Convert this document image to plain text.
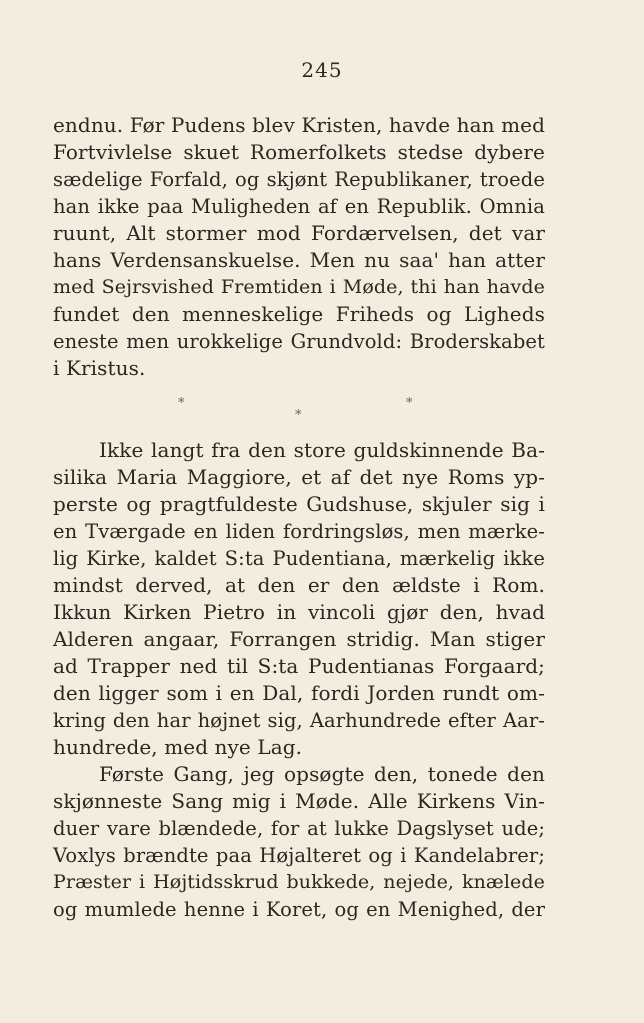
245
endnu. Før Pudens blev Kristen, havde han med
Fortvivlelse skuet Romerfolkets stedse dybere
sædelige Forfald, og skjønt Republikaner, troede
han ikke paa Muligheden af en Republik. Omnia
ruunt, Alt stormer mod Fordærvelsen, det var
hans Verdensanskuelse. Men nu saa' han atter
med Sejrsvished Fremtiden i Møde, thi han havde
fundet den menneskelige Friheds og Ligheds
eneste men urokkelige Grundvold: Broderskabet
i Kristus.
*
*
*
Ikke langt fra den store guldskinnende Ba-
silika Maria Maggiore, et af det nye Roms yp-
perste og pragtfuldeste Gudshuse, skjuler sig i
en Tværgade en liden fordringsløs, men mærke-
lig Kirke, kaldet S:ta Pudentiana, mærkelig ikke
mindst derved, at den er den ældste i Rom.
Ikkun Kirken Pietro in vincoli gjør den, hvad
Alderen angaar, Forrangen stridig. Man stiger
ad Trapper ned til S:ta Pudentianas Forgaard;
den ligger som i en Dal, fordi Jorden rundt om-
kring den har højnet sig, Aarhundrede efter Aar-
hundrede, med nye Lag.
Første Gang, jeg opsøgte den, tonede den
skjønneste Sang mig i Møde. Alle Kirkens Vin-
duer vare blændede, for at lukke Dagslyset ude;
Voxlys brændte paa Højalteret og i Kandelabrer;
Præster i Højtidsskrud bukkede, nejede, knælede
og mumlede henne i Koret, og en Menighed, der
